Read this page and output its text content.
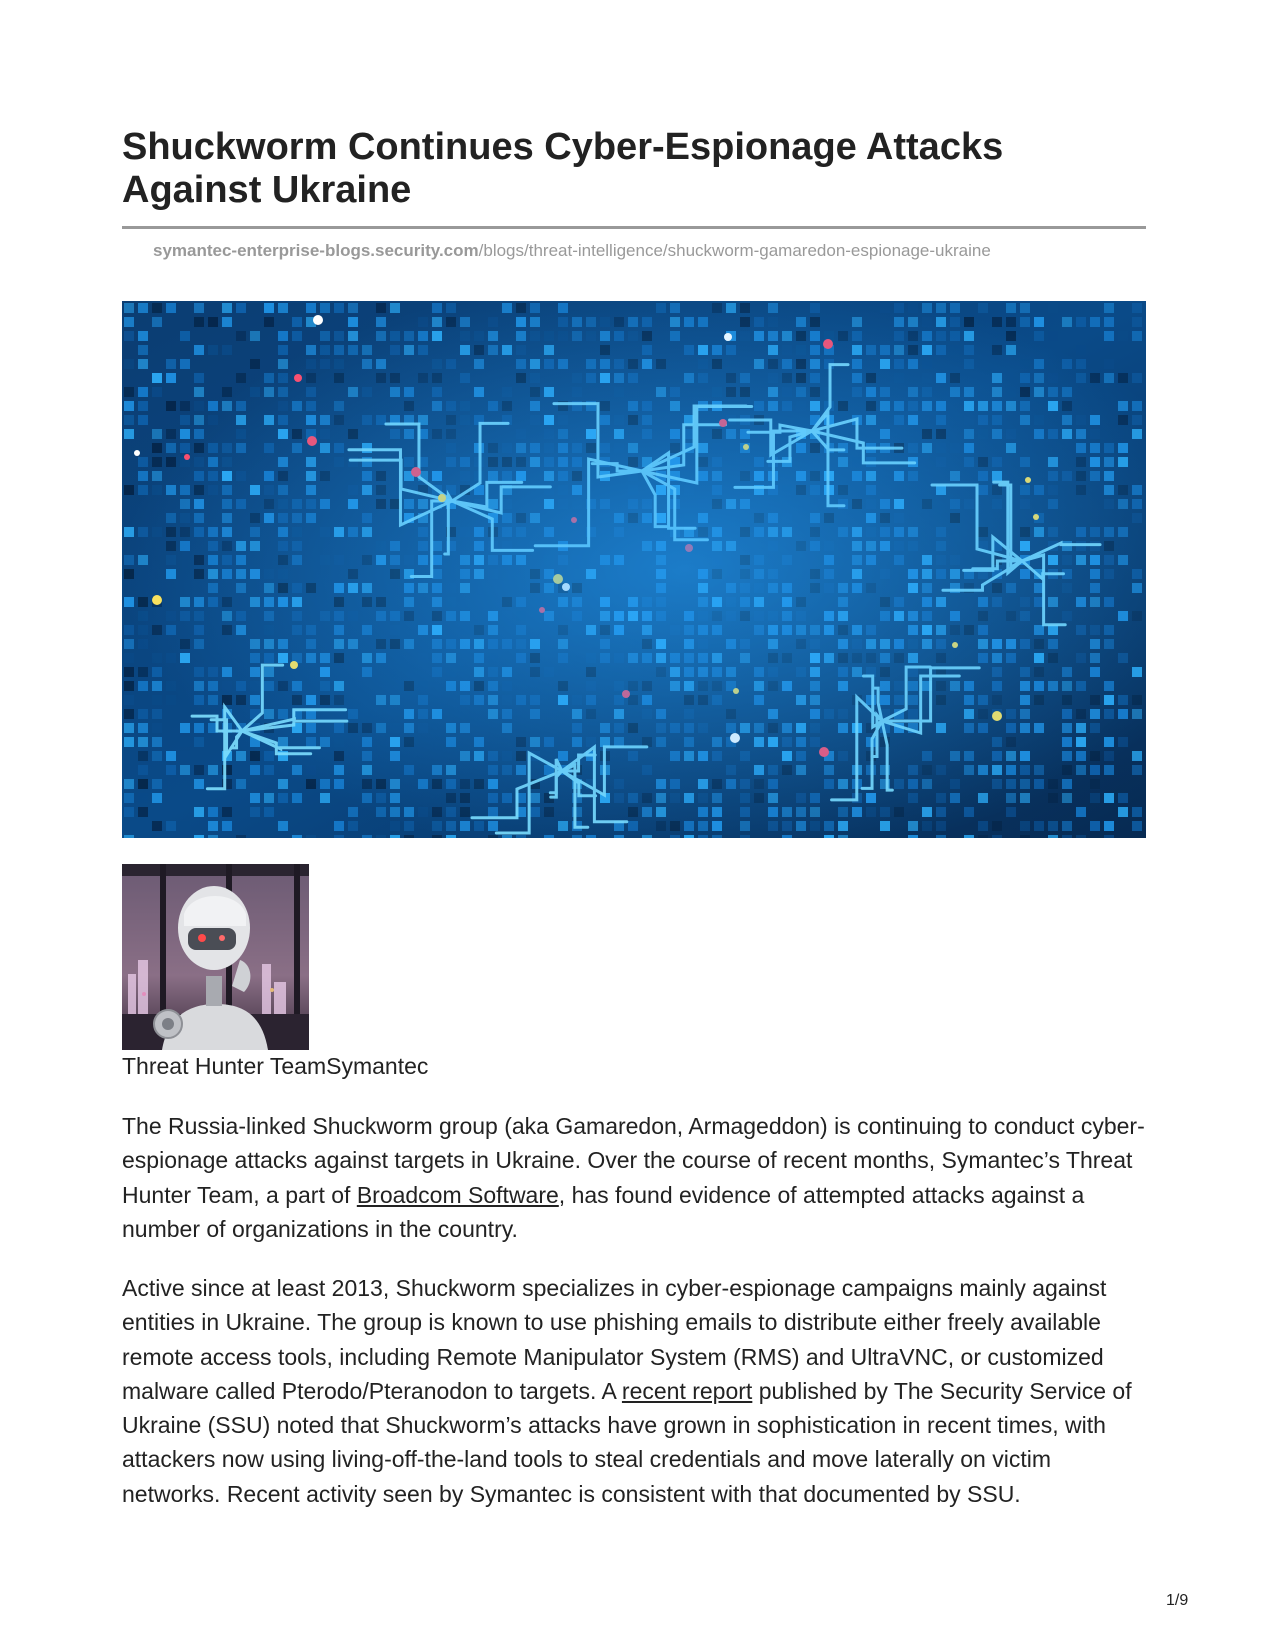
Shuckworm Continues Cyber-Espionage Attacks Against Ukraine
symantec-enterprise-blogs.security.com/blogs/threat-intelligence/shuckworm-gamaredon-espionage-ukraine
Threat Hunter TeamSymantec

The Russia-linked Shuckworm group (aka Gamaredon, Armageddon) is continuing to conduct cyber-espionage attacks against targets in Ukraine. Over the course of recent months, Symantec’s Threat Hunter Team, a part of Broadcom Software, has found evidence of attempted attacks against a number of organizations in the country.

Active since at least 2013, Shuckworm specializes in cyber-espionage campaigns mainly against entities in Ukraine. The group is known to use phishing emails to distribute either freely available remote access tools, including Remote Manipulator System (RMS) and UltraVNC, or customized malware called Pterodo/Pteranodon to targets. A recent report published by The Security Service of Ukraine (SSU) noted that Shuckworm’s attacks have grown in sophistication in recent times, with attackers now using living-off-the-land tools to steal credentials and move laterally on victim networks. Recent activity seen by Symantec is consistent with that documented by SSU.

1/9
